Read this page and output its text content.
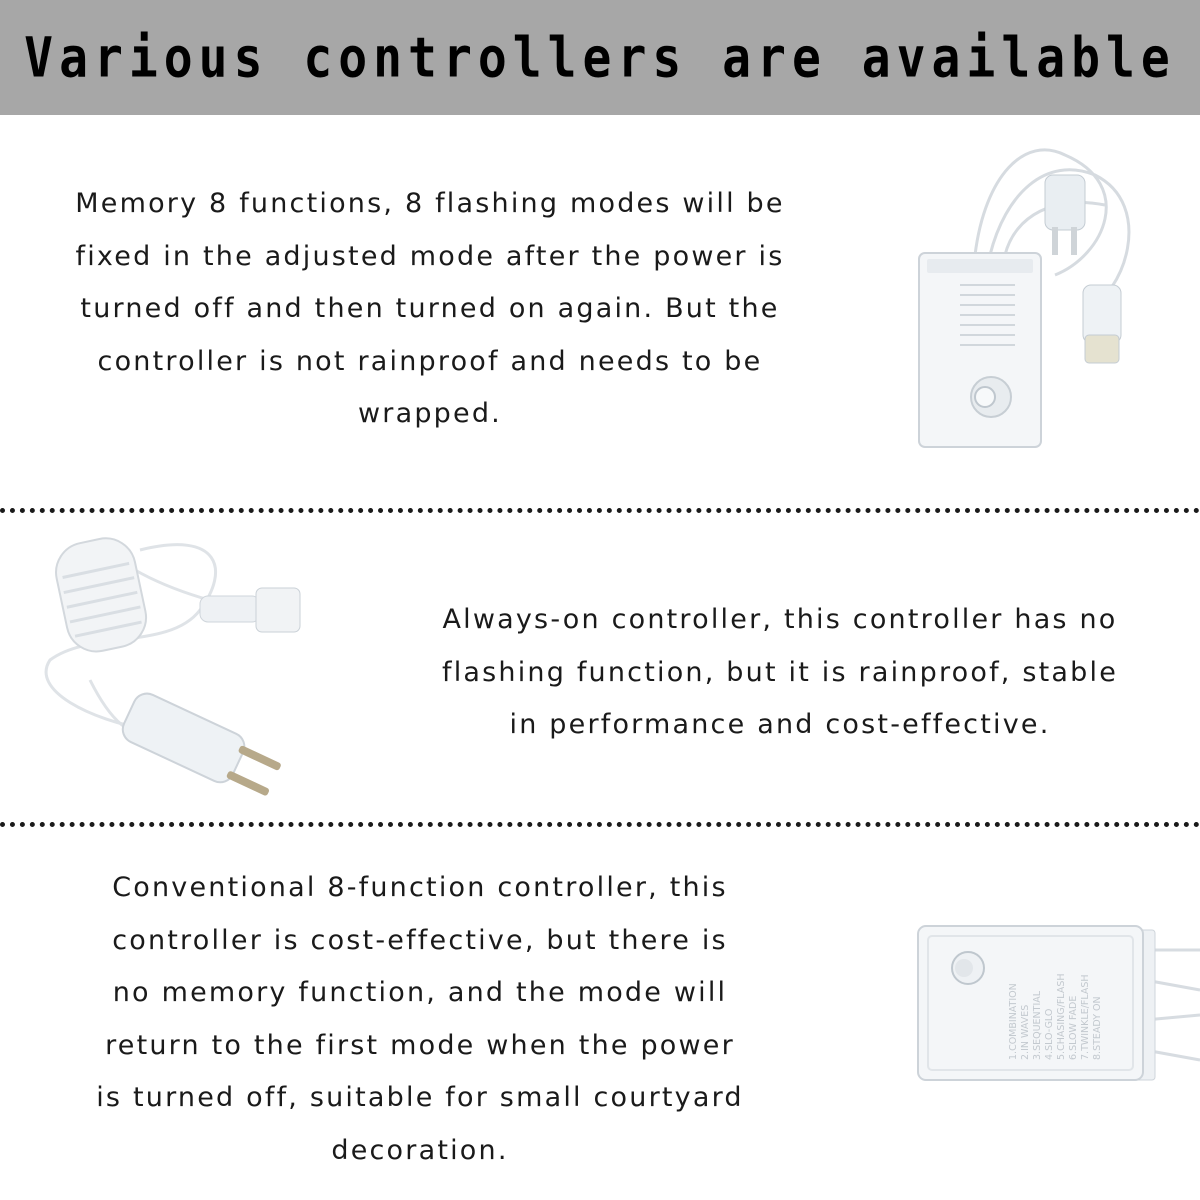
Various controllers are available
Memory 8 functions, 8 flashing modes will be
fixed in the adjusted mode after the power is
turned off and then turned on again. But the
controller is not rainproof and needs to be
wrapped.
Always-on controller, this controller has no
flashing function, but it is rainproof, stable
in performance and cost-effective.
Conventional 8-function controller, this
controller is cost-effective, but there is
no memory function, and the mode will
return to the first mode when the power
is turned off, suitable for small courtyard
decoration.
1.COMBINATION 2.IN WAVES 3.SEQUENTIAL 4.SLO-GLO 5.CHASING/FLASH 6.SLOW FADE 7.TWINKLE/FLASH 8.STEADY ON
